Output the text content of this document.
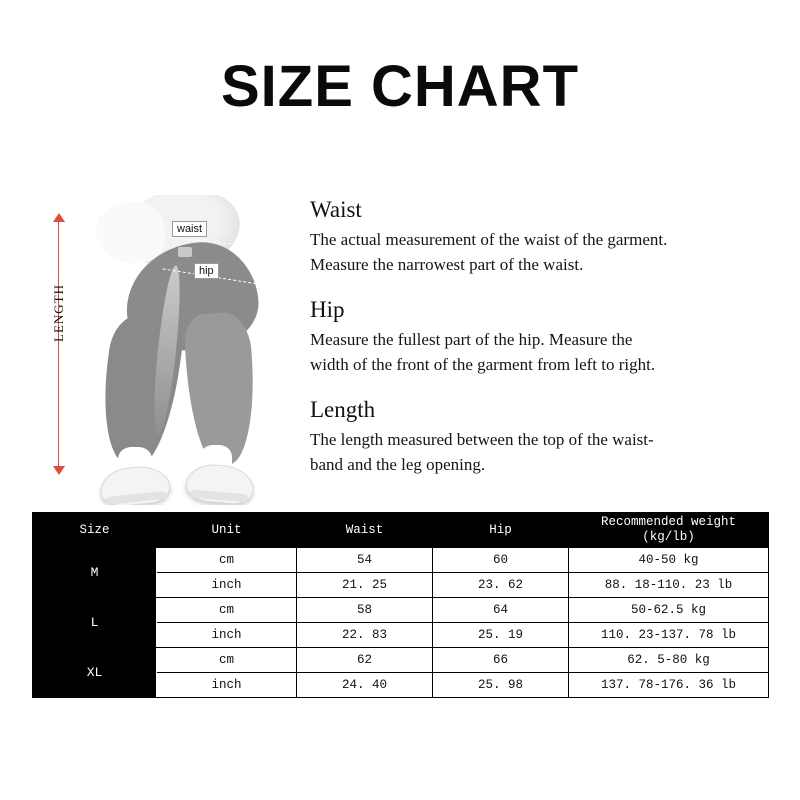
SIZE CHART
LENGTH
waist
hip
Waist

The actual measurement of the waist of the garment.

Measure the narrowest part of the waist.

Hip

Measure the fullest part of the hip. Measure the

width of the front of the garment from left to right.

Length

The length measured between the top of the waist-

band and the leg opening.

Size	Unit	Waist	Hip	Recommended weight
(kg/lb)
M	cm	54	60	40-50 kg
	inch	21. 25	23. 62	88. 18-110. 23 lb
L	cm	58	64	50-62.5 kg
	inch	22. 83	25. 19	110. 23-137. 78 lb
XL	cm	62	66	62. 5-80 kg
	inch	24. 40	25. 98	137. 78-176. 36 lb
